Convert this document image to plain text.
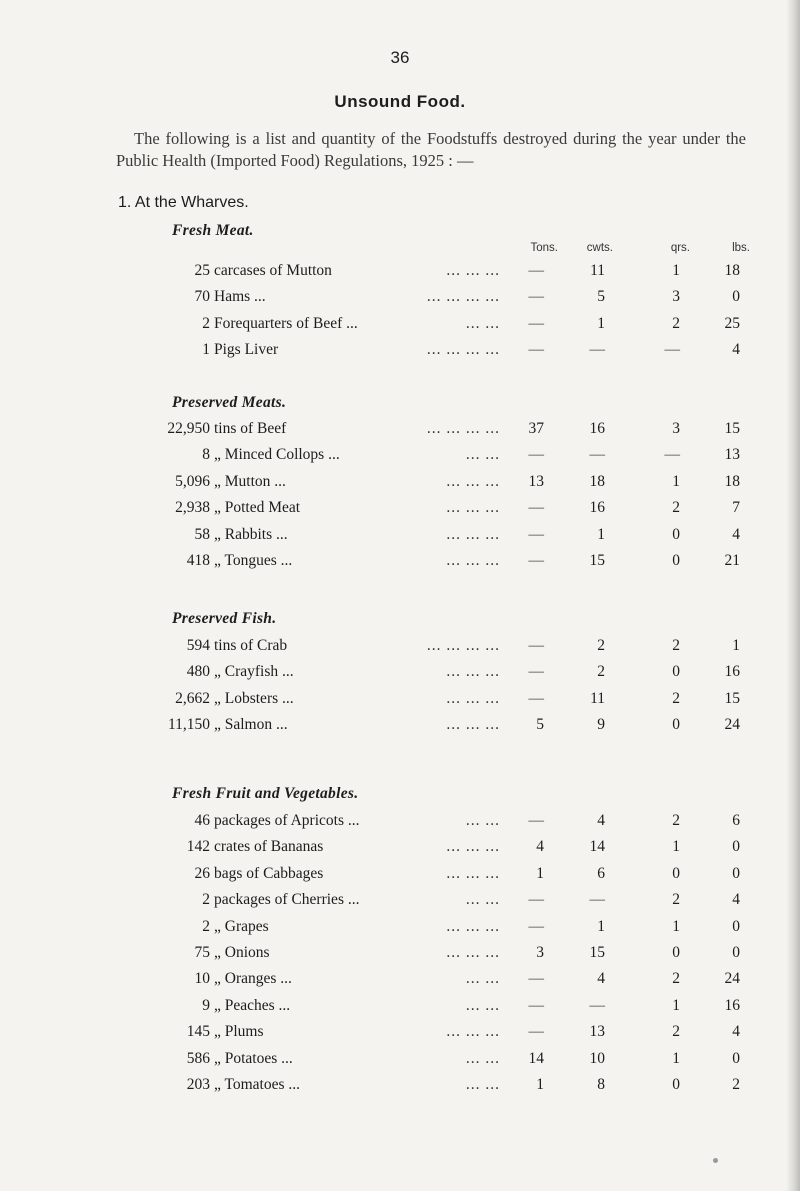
36
Unsound Food.
The following is a list and quantity of the Foodstuffs destroyed during the year under the Public Health (Imported Food) Regulations, 1925 : —
1. At the Wharves.
Tons.	cwts.	qrs.	lbs.
Fresh Meat.
25 carcases of Mutton	... ... ...	—	11	1	18
70 Hams ...	... ... ... ...	—	5	3	0
2 Forequarters of Beef ...	... ...	—	1	2	25
1 Pigs Liver	... ... ... ...	—	—	—	4
Preserved Meats.
22,950 tins of Beef	... ... ... ...	37	16	3	15
8 „ Minced Collops ...	... ...	—	—	—	13
5,096 „ Mutton ...	... ... ...	13	18	1	18
2,938 „ Potted Meat	... ... ...	—	16	2	7
58 „ Rabbits ...	... ... ...	—	1	0	4
418 „ Tongues ...	... ... ...	—	15	0	21
Preserved Fish.
594 tins of Crab	... ... ... ...	—	2	2	1
480 „ Crayfish ...	... ... ...	—	2	0	16
2,662 „ Lobsters ...	... ... ...	—	11	2	15
11,150 „ Salmon ...	... ... ...	5	9	0	24
Fresh Fruit and Vegetables.
46 packages of Apricots ...	... ...	—	4	2	6
142 crates of Bananas	... ... ...	4	14	1	0
26 bags of Cabbages	... ... ...	1	6	0	0
2 packages of Cherries ...	... ...	—	—	2	4
2 „ Grapes	... ... ...	—	1	1	0
75 „ Onions	... ... ...	3	15	0	0
10 „ Oranges ...	... ...	—	4	2	24
9 „ Peaches ...	... ...	—	—	1	16
145 „ Plums	... ... ...	—	13	2	4
586 „ Potatoes ...	... ...	14	10	1	0
203 „ Tomatoes ...	... ...	1	8	0	2
